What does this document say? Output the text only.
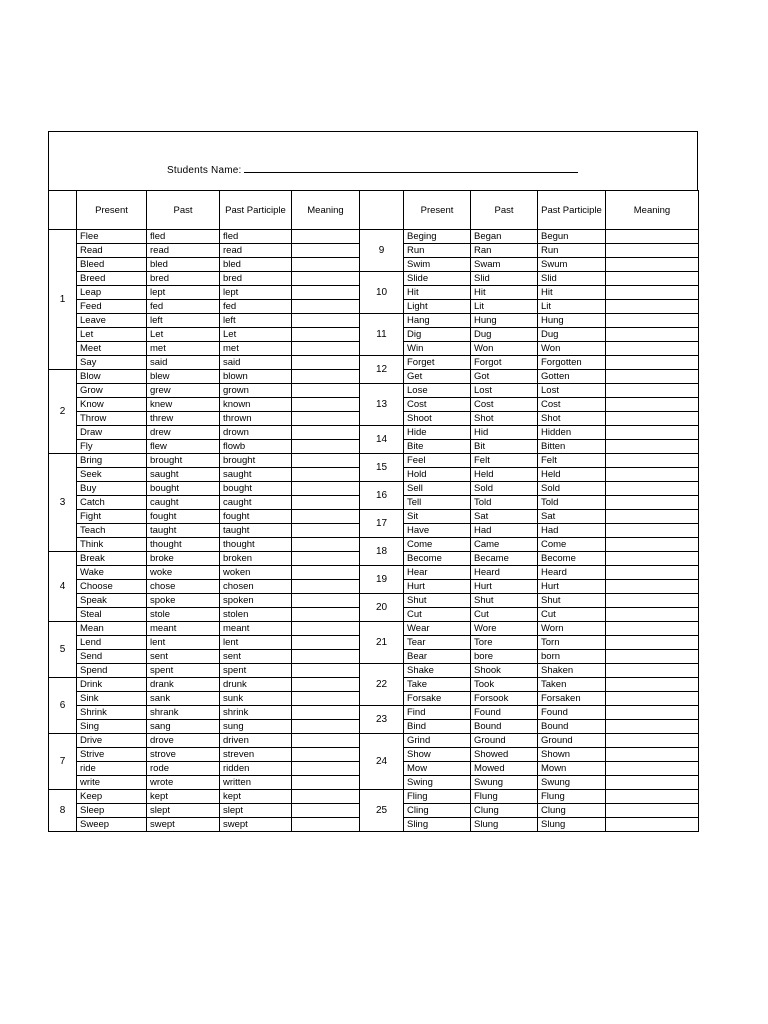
Students Name:
	Present	Past	Past Participle	Meaning		Present	Past	Past Participle	Meaning
1	Flee	fled	fled		9	Beging	Began	Begun	
	Read	read	read			Run	Ran	Run	
	Bleed	bled	bled			Swim	Swam	Swum	
	Breed	bred	bred		10	Slide	Slid	Slid	
	Leap	lept	lept			Hit	Hit	Hit	
	Feed	fed	fed			Light	Lit	Lit	
	Leave	left	left		11	Hang	Hung	Hung	
	Let	Let	Let			Dig	Dug	Dug	
	Meet	met	met			Win	Won	Won	
	Say	said	said		12	Forget	Forgot	Forgotten	
2	Blow	blew	blown			Get	Got	Gotten	
	Grow	grew	grown		13	Lose	Lost	Lost	
	Know	knew	known			Cost	Cost	Cost	
	Throw	threw	thrown			Shoot	Shot	Shot	
	Draw	drew	drown		14	Hide	Hid	Hidden	
	Fly	flew	flowb			Bite	Bit	Bitten	
3	Bring	brought	brought		15	Feel	Felt	Felt	
	Seek	saught	saught			Hold	Held	Held	
	Buy	bought	bought		16	Sell	Sold	Sold	
	Catch	caught	caught			Tell	Told	Told	
	Fight	fought	fought		17	Sit	Sat	Sat	
	Teach	taught	taught			Have	Had	Had	
	Think	thought	thought		18	Come	Came	Come	
4	Break	broke	broken			Become	Became	Become	
	Wake	woke	woken		19	Hear	Heard	Heard	
	Choose	chose	chosen			Hurt	Hurt	Hurt	
	Speak	spoke	spoken		20	Shut	Shut	Shut	
	Steal	stole	stolen			Cut	Cut	Cut	
5	Mean	meant	meant		21	Wear	Wore	Worn	
	Lend	lent	lent			Tear	Tore	Torn	
	Send	sent	sent			Bear	bore	born	
	Spend	spent	spent		22	Shake	Shook	Shaken	
6	Drink	drank	drunk			Take	Took	Taken	
	Sink	sank	sunk			Forsake	Forsook	Forsaken	
	Shrink	shrank	shrink		23	Find	Found	Found	
	Sing	sang	sung			Bind	Bound	Bound	
7	Drive	drove	driven		24	Grind	Ground	Ground	
	Strive	strove	streven			Show	Showed	Shown	
	ride	rode	ridden			Mow	Mowed	Mown	
	write	wrote	written			Swing	Swung	Swung	
8	Keep	kept	kept		25	Fling	Flung	Flung	
	Sleep	slept	slept			Cling	Clung	Clung	
	Sweep	swept	swept			Sling	Slung	Slung	
